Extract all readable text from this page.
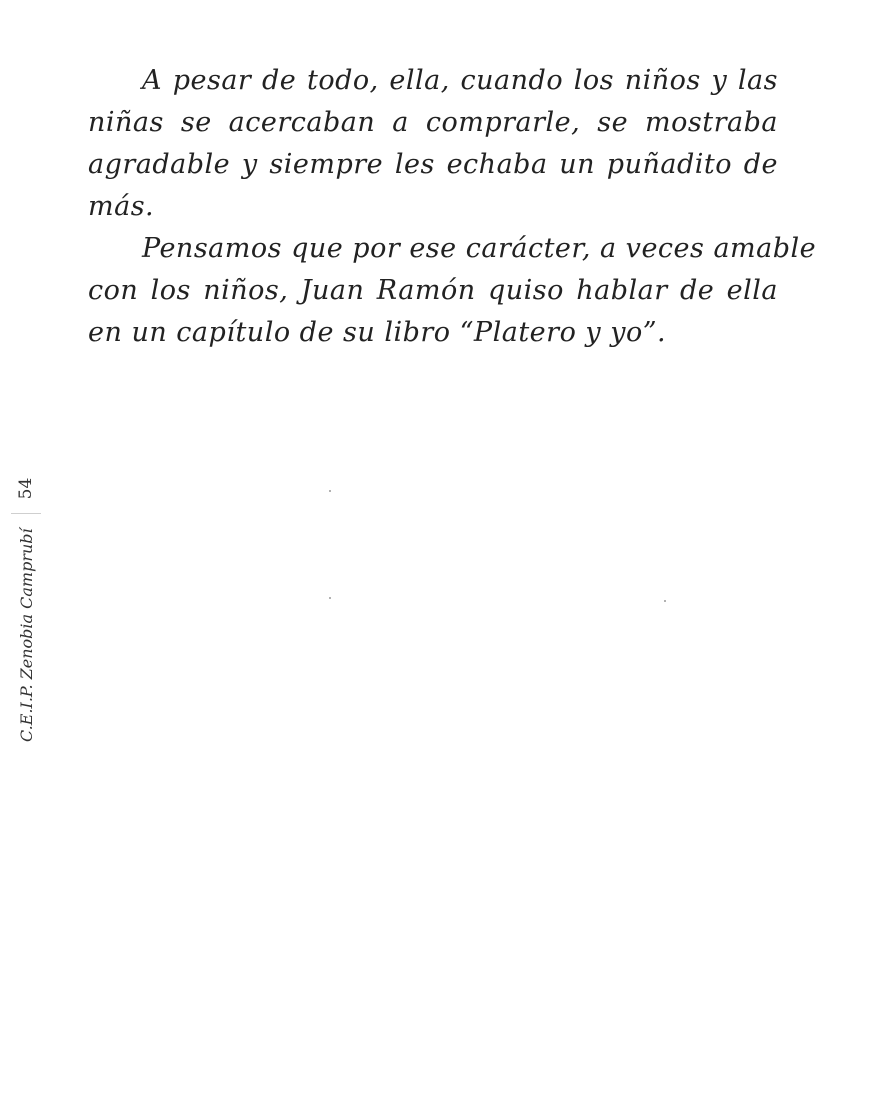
A pesar de todo, ella, cuando los niños y las
niñas se acercaban a comprarle, se mostraba
agradable y siempre les echaba un puñadito de
más.
Pensamos que por ese carácter, a veces amable
con los niños, Juan Ramón quiso hablar de ella
en un capítulo de su libro “Platero y yo”.
C.E.I.P. Zenobia Camprubí
54
